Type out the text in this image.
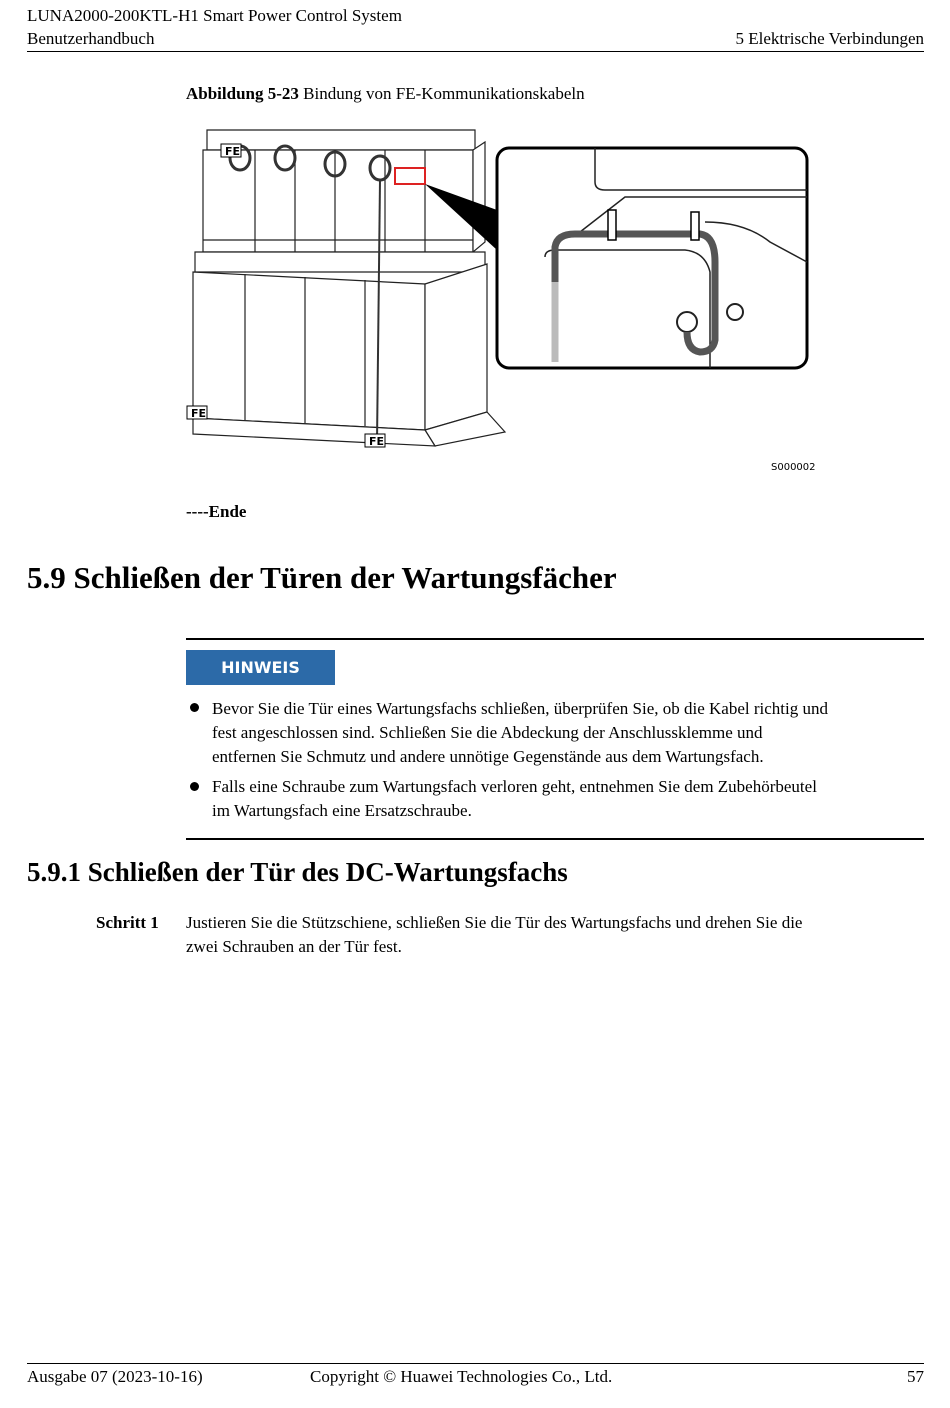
LUNA2000-200KTL-H1 Smart Power Control System
Benutzerhandbuch	5 Elektrische Verbindungen
Abbildung 5-23 Bindung von FE-Kommunikationskabeln
FE
FE
FE
S000002
----Ende
5.9 Schließen der Türen der Wartungsfächer
HINWEIS
Bevor Sie die Tür eines Wartungsfachs schließen, überprüfen Sie, ob die Kabel richtig und
fest angeschlossen sind. Schließen Sie die Abdeckung der Anschlussklemme und
entfernen Sie Schmutz und andere unnötige Gegenstände aus dem Wartungsfach.
Falls eine Schraube zum Wartungsfach verloren geht, entnehmen Sie dem Zubehörbeutel
im Wartungsfach eine Ersatzschraube.
5.9.1 Schließen der Tür des DC-Wartungsfachs
Schritt 1 Justieren Sie die Stützschiene, schließen Sie die Tür des Wartungsfachs und drehen Sie die
zwei Schrauben an der Tür fest.
Ausgabe 07 (2023-10-16)	Copyright © Huawei Technologies Co., Ltd.	57
